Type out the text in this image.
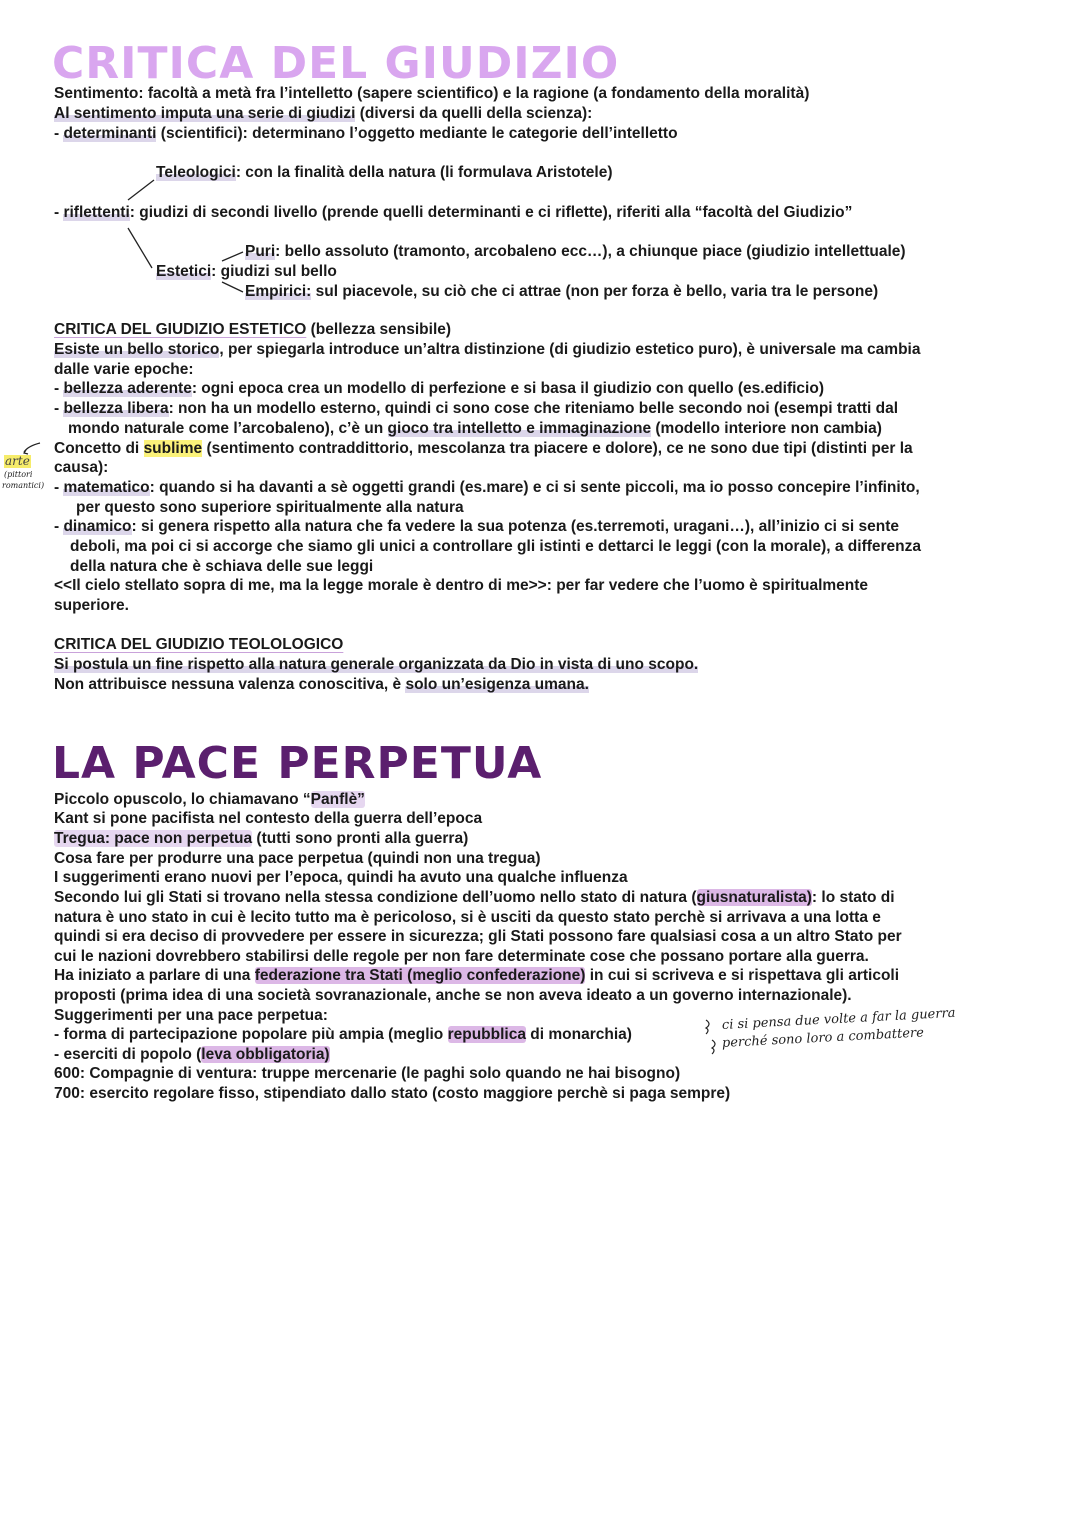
CRITICA DEL GIUDIZIO
Sentimento: facoltà a metà fra l’intelletto (sapere scientifico) e la ragione (a fondamento della moralità)
Al sentimento imputa una serie di giudizi (diversi da quelli della scienza):
- determinanti (scientifici): determinano l’oggetto mediante le categorie dell’intelletto
Teleologici: con la finalità della natura (li formulava Aristotele)
- riflettenti: giudizi di secondi livello (prende quelli determinanti e ci riflette), riferiti alla “facoltà del Giudizio”
Puri: bello assoluto (tramonto, arcobaleno ecc…), a chiunque piace (giudizio intellettuale)
Estetici: giudizi sul bello
Empirici: sul piacevole, su ciò che ci attrae (non per forza è bello, varia tra le persone)
CRITICA DEL GIUDIZIO ESTETICO (bellezza sensibile)
Esiste un bello storico, per spiegarla introduce un’altra distinzione (di giudizio estetico puro), è universale ma cambia
dalle varie epoche:
- bellezza aderente: ogni epoca crea un modello di perfezione e si basa il giudizio con quello (es.edificio)
- bellezza libera: non ha un modello esterno, quindi ci sono cose che riteniamo belle secondo noi (esempi tratti dal
mondo naturale come l’arcobaleno), c’è un gioco tra intelletto e immaginazione (modello interiore non cambia)
Concetto di sublime (sentimento contraddittorio, mescolanza tra piacere e dolore), ce ne sono due tipi (distinti per la
causa):
- matematico: quando si ha davanti a sè oggetti grandi (es.mare) e ci si sente piccoli, ma io posso concepire l’infinito,
per questo sono superiore spiritualmente alla natura
- dinamico: si genera rispetto alla natura che fa vedere la sua potenza (es.terremoti, uragani…), all’inizio ci si sente
deboli, ma poi ci si accorge che siamo gli unici a controllare gli istinti e dettarci le leggi (con la morale), a differenza
della natura che è schiava delle sue leggi
<<Il cielo stellato sopra di me, ma la legge morale è dentro di me>>: per far vedere che l’uomo è spiritualmente
superiore.
arte
(pittori
romantici)
CRITICA DEL GIUDIZIO TEOLOLOGICO
Si postula un fine rispetto alla natura generale organizzata da Dio in vista di uno scopo.
Non attribuisce nessuna valenza conoscitiva, è solo un’esigenza umana.
LA PACE PERPETUA
Piccolo opuscolo, lo chiamavano “Panflè”
Kant si pone pacifista nel contesto della guerra dell’epoca
Tregua: pace non perpetua (tutti sono pronti alla guerra)
Cosa fare per produrre una pace perpetua (quindi non una tregua)
I suggerimenti erano nuovi per l’epoca, quindi ha avuto una qualche influenza
Secondo lui gli Stati si trovano nella stessa condizione dell’uomo nello stato di natura (giusnaturalista): lo stato di
natura è uno stato in cui è lecito tutto ma è pericoloso, si è usciti da questo stato perchè si arrivava a una lotta e
quindi si era deciso di provvedere per essere in sicurezza; gli Stati possono fare qualsiasi cosa a un altro Stato per
cui le nazioni dovrebbero stabilirsi delle regole per non fare determinate cose che possano portare alla guerra.
Ha iniziato a parlare di una federazione tra Stati (meglio confederazione) in cui si scriveva e si rispettava gli articoli
proposti (prima idea di una società sovranazionale, anche se non aveva ideato a un governo internazionale).
Suggerimenti per una pace perpetua:
- forma di partecipazione popolare più ampia (meglio repubblica di monarchia)
- eserciti di popolo (leva obbligatoria)
600: Compagnie di ventura: truppe mercenarie (le paghi solo quando ne hai bisogno)
700: esercito regolare fisso, stipendiato dallo stato (costo maggiore perchè si paga sempre)
ci si pensa due volte a far la guerra
perché sono loro a combattere
